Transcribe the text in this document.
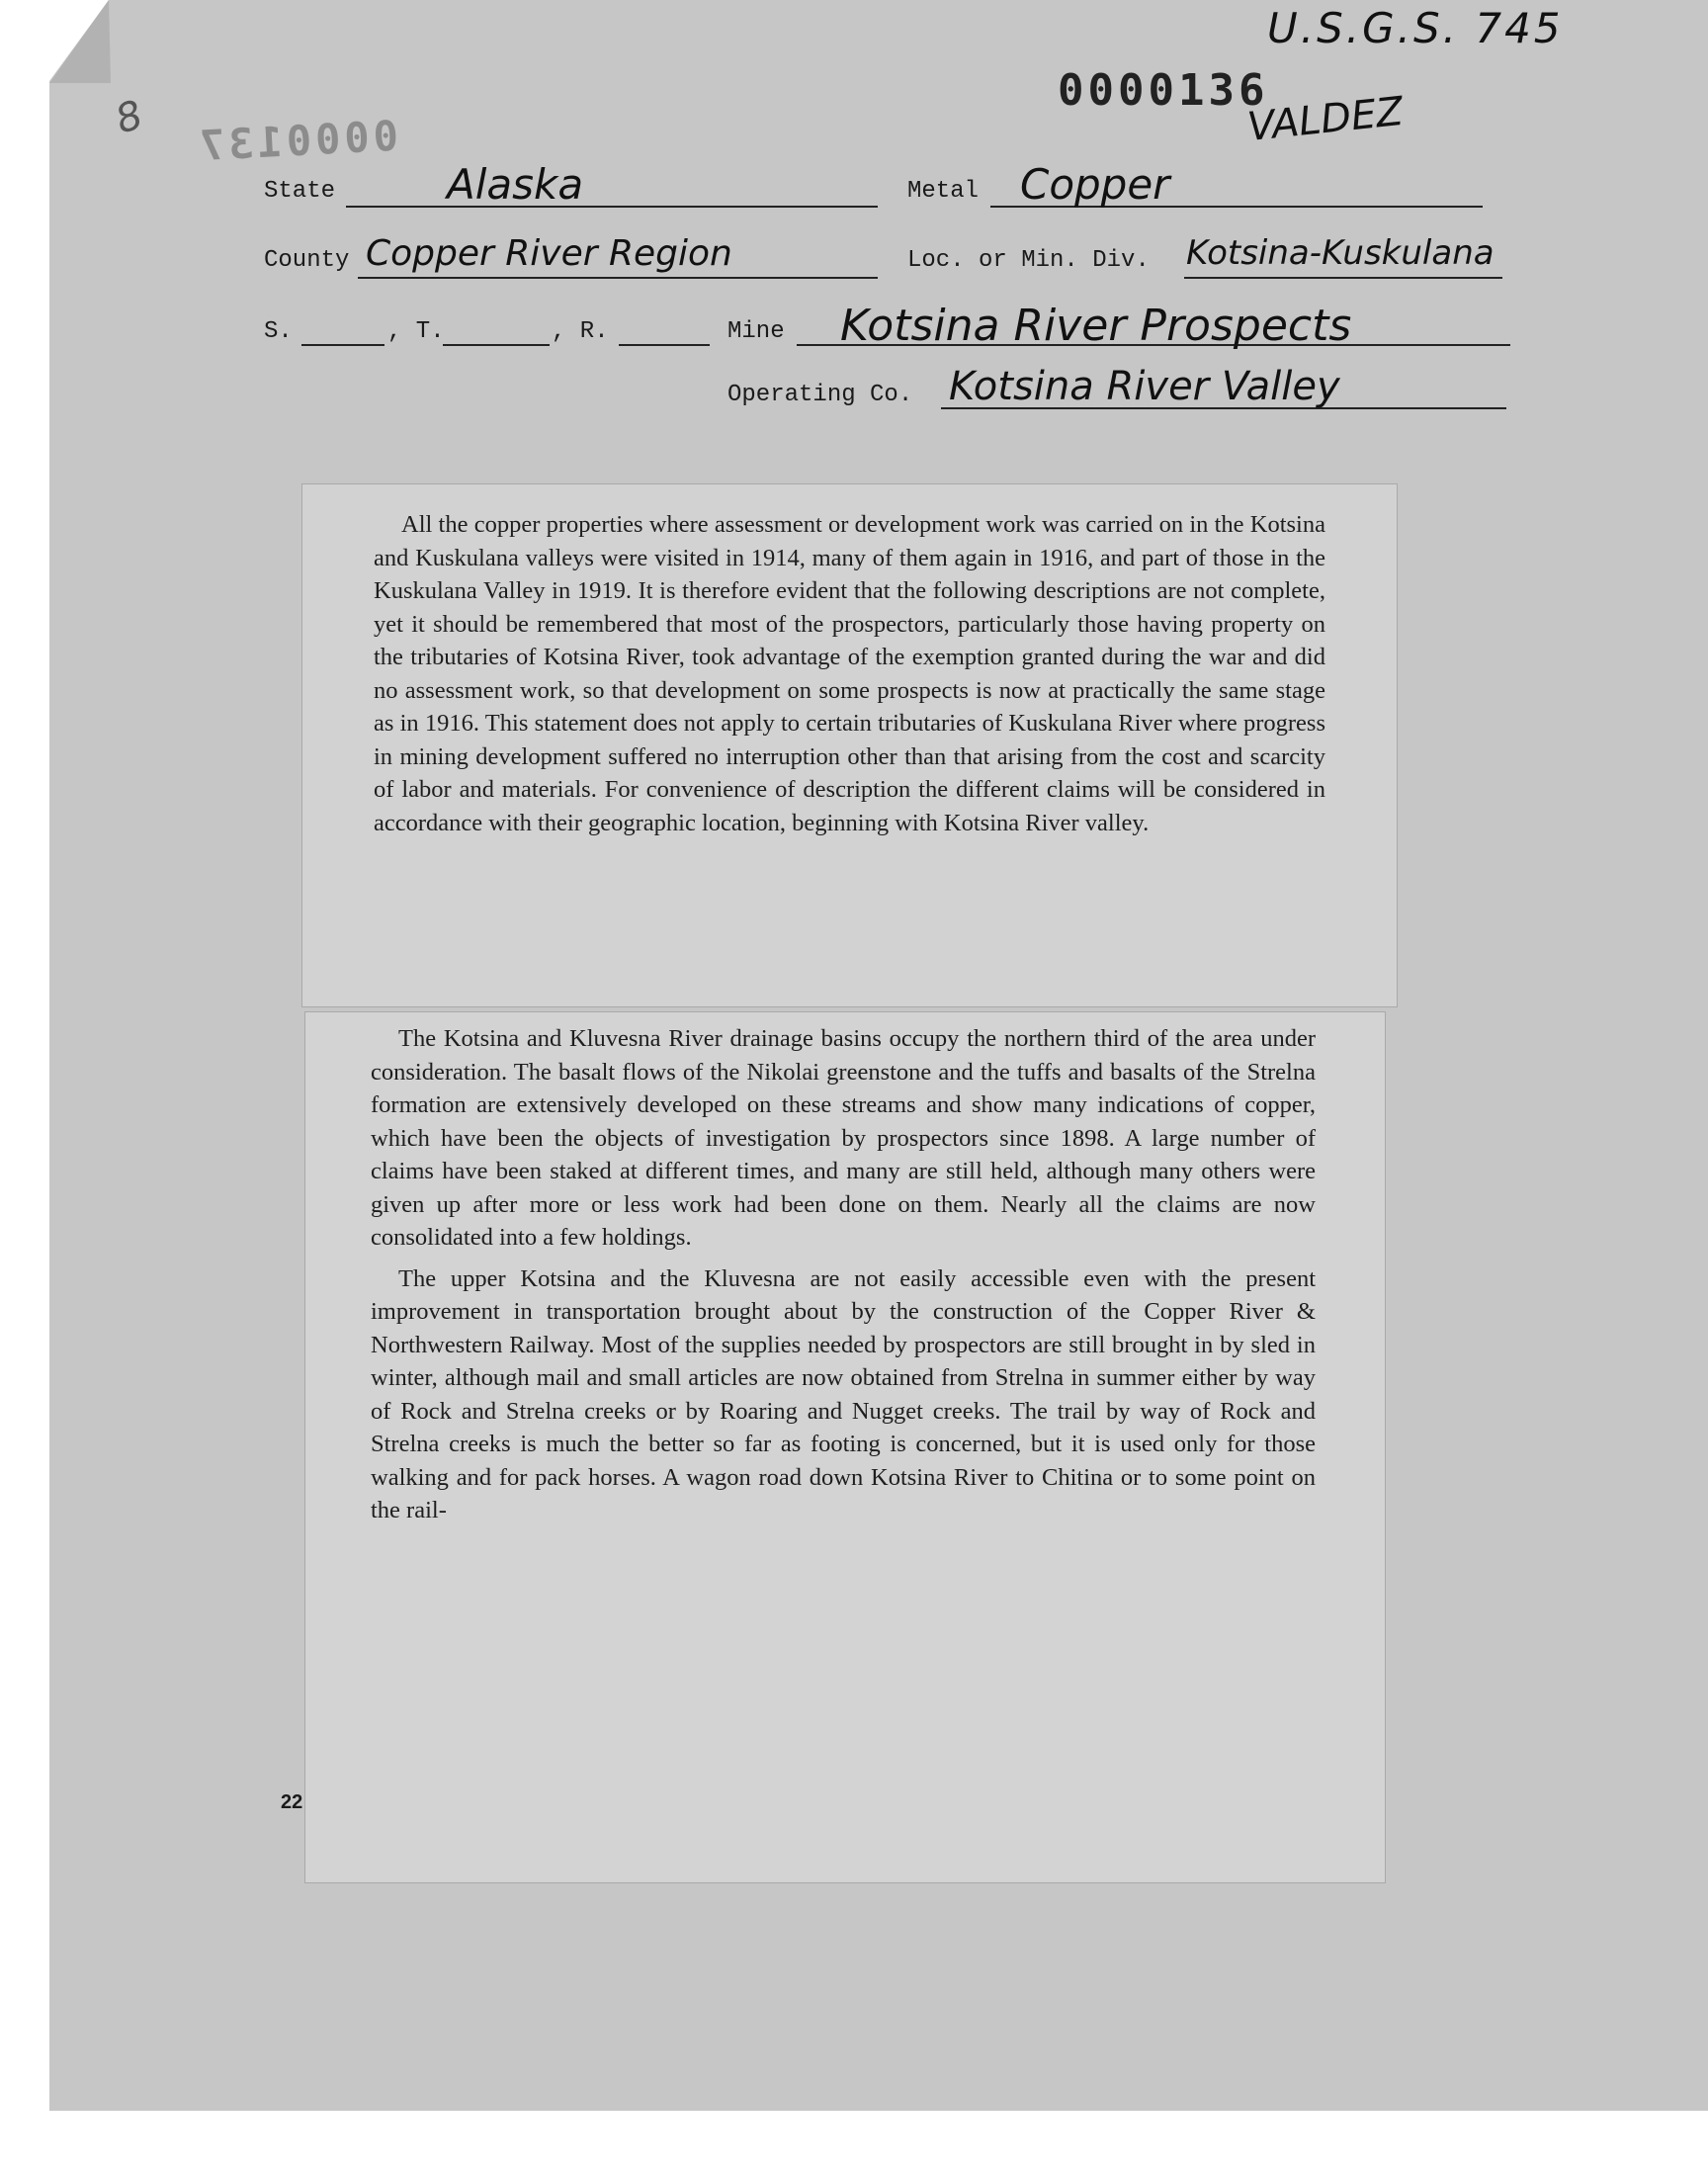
U.S.G.S. 745
0000136
VALDEZ
0000137
8
State	Alaska	Metal Copper
County Copper River Region	Loc. or Min. Div. Kotsina-Kuskulana
S.	, T.	, R.	Mine Kotsina River Prospects
Operating Co. Kotsina River Valley

All the copper properties where assessment or development work was carried on in the Kotsina and Kuskulana valleys were visited in 1914, many of them again in 1916, and part of those in the Kuskulana Valley in 1919. It is therefore evident that the following descriptions are not complete, yet it should be remembered that most of the prospectors, particularly those having property on the tributaries of Kotsina River, took advantage of the exemption granted during the war and did no assessment work, so that development on some prospects is now at practically the same stage as in 1916. This statement does not apply to certain tributaries of Kuskulana River where progress in mining development suffered no interruption other than that arising from the cost and scarcity of labor and materials. For convenience of description the different claims will be considered in accordance with their geographic location, beginning with Kotsina River valley.

The Kotsina and Kluvesna River drainage basins occupy the northern third of the area under consideration. The basalt flows of the Nikolai greenstone and the tuffs and basalts of the Strelna formation are extensively developed on these streams and show many indications of copper, which have been the objects of investigation by prospectors since 1898. A large number of claims have been staked at different times, and many are still held, although many others were given up after more or less work had been done on them. Nearly all the claims are now consolidated into a few holdings.

The upper Kotsina and the Kluvesna are not easily accessible even with the present improvement in transportation brought about by the construction of the Copper River & Northwestern Railway. Most of the supplies needed by prospectors are still brought in by sled in winter, although mail and small articles are now obtained from Strelna in summer either by way of Rock and Strelna creeks or by Roaring and Nugget creeks. The trail by way of Rock and Strelna creeks is much the better so far as footing is concerned, but it is used only for those walking and for pack horses. A wagon road down Kotsina River to Chitina or to some point on the rail-

22
